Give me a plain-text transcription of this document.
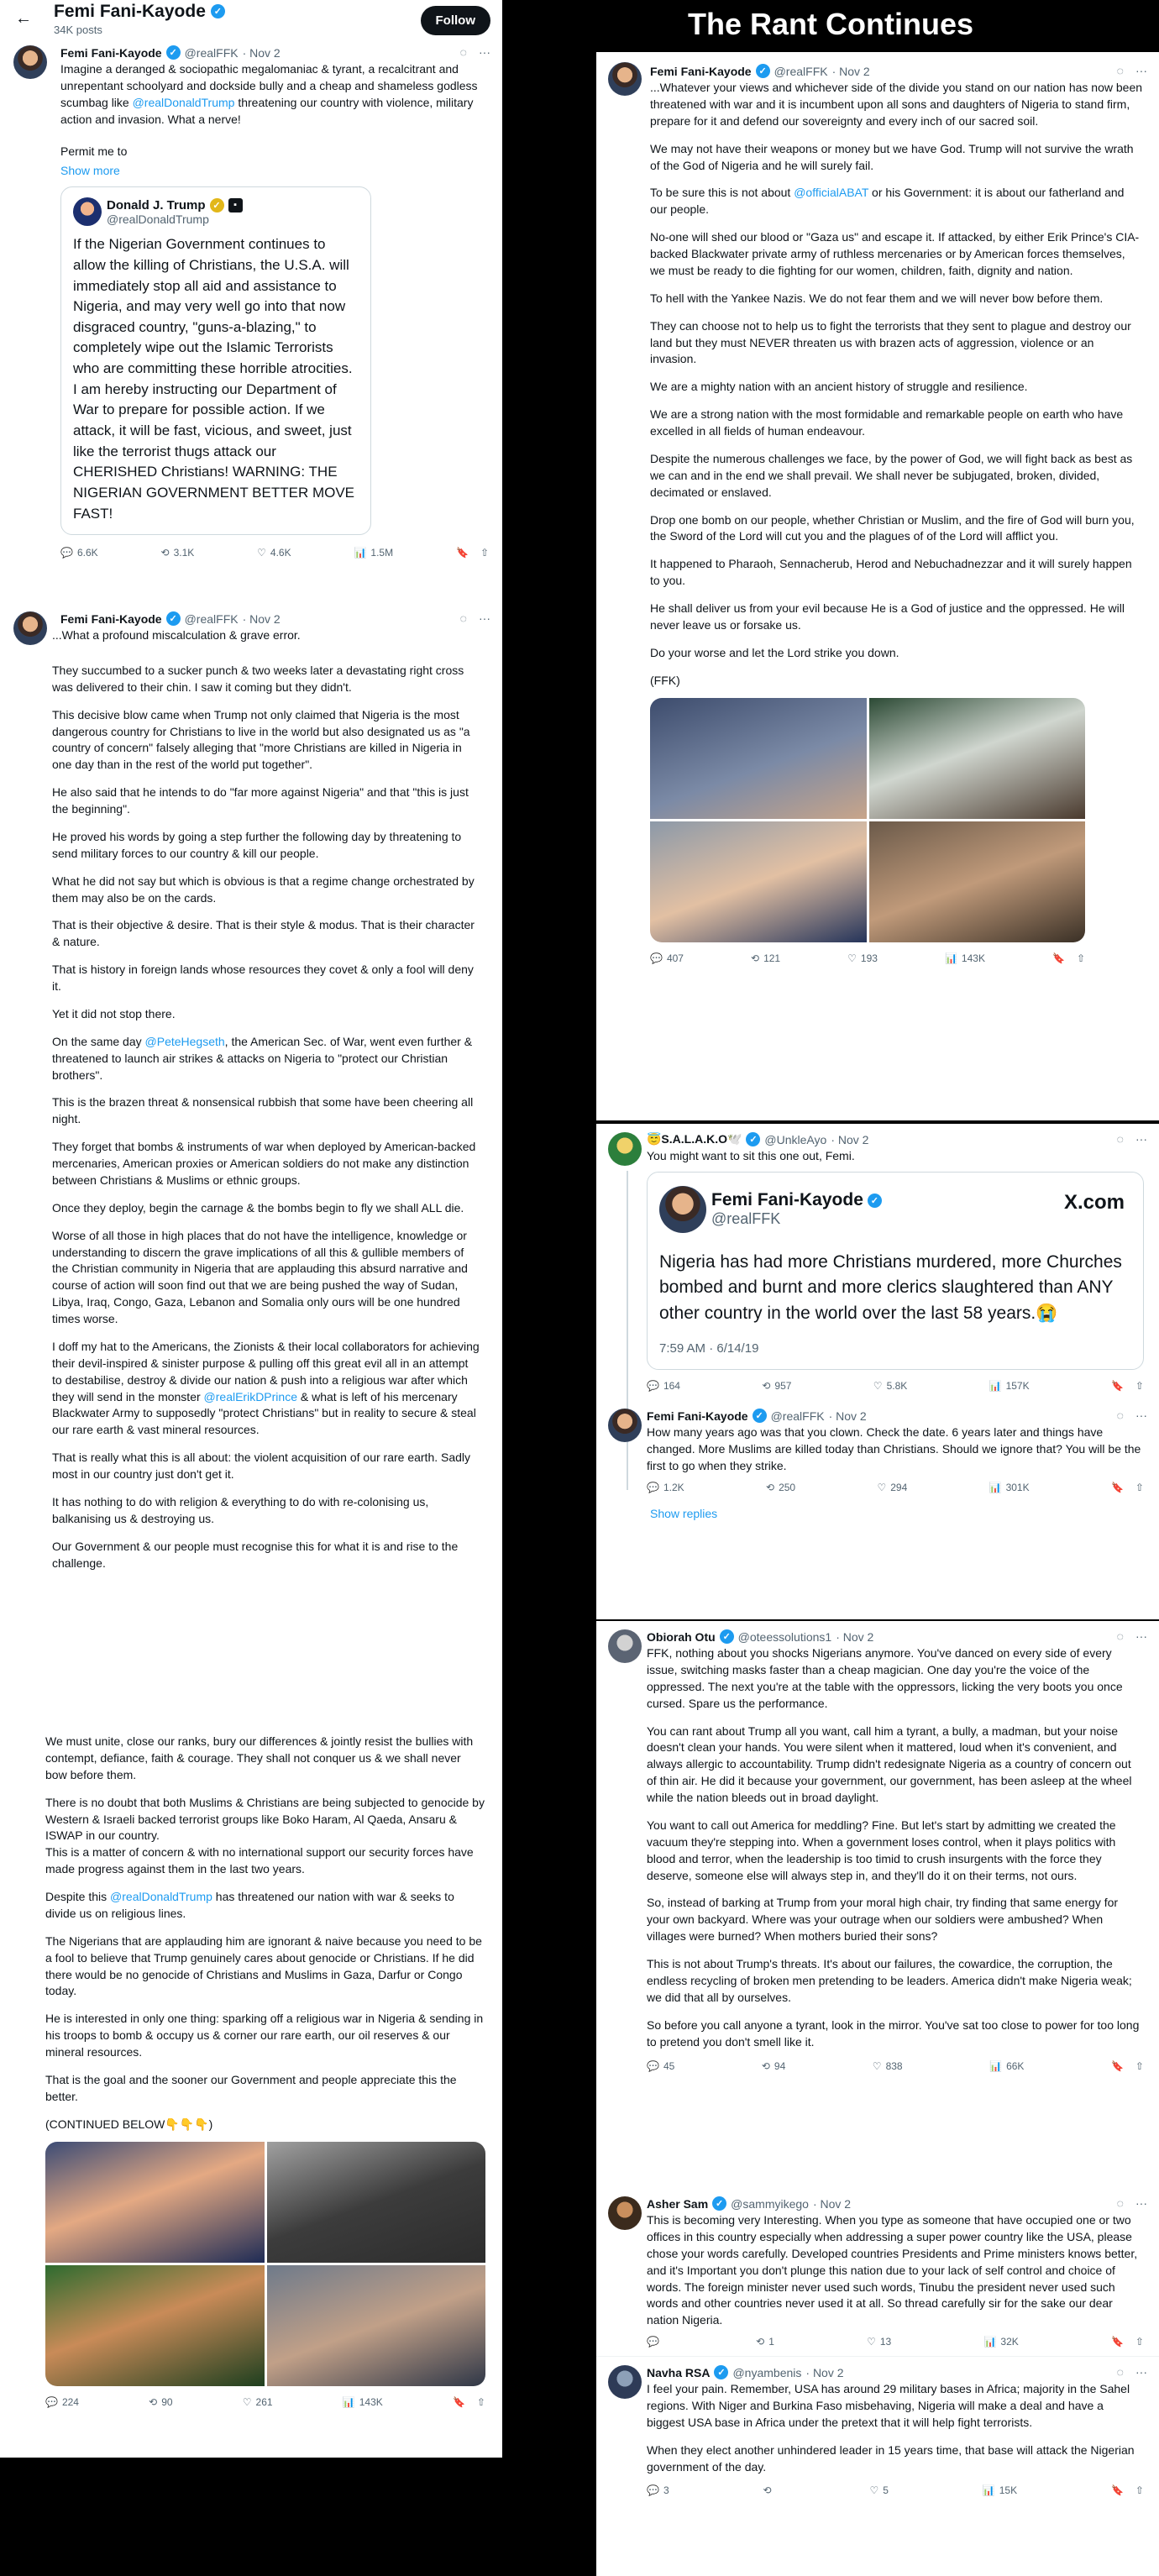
The Rant Continues
← Femi Fani-Kayode ✓
34K posts
Follow
◌ ···
Femi Fani-Kayode ✓ @realFFK · Nov 2

Imagine a deranged & sociopathic megalomaniac & tyrant, a recalcitrant and unrepentant schoolyard and dockside bully and a cheap and shameless godless scumbag like @realDonaldTrump threatening our country with violence, military action and invasion. What a nerve!

Permit me to

Show more
Donald J. Trump ✓	▪
@realDonaldTrump
If the Nigerian Government continues to allow the killing of Christians, the U.S.A. will immediately stop all aid and assistance to Nigeria, and may very well go into that now disgraced country, "guns-a-blazing," to completely wipe out the Islamic Terrorists who are committing these horrible atrocities. I am hereby instructing our Department of War to prepare for possible action. If we attack, it will be fast, vicious, and sweet, just like the terrorist thugs attack our CHERISHED Christians! WARNING: THE NIGERIAN GOVERNMENT BETTER MOVE FAST!
💬 6.6K	⟲ 3.1K	♡ 4.6K	📊 1.5M	🔖 ⇧
◌ ···
Femi Fani-Kayode ✓ @realFFK · Nov 2

...What a profound miscalculation & grave error.

They succumbed to a sucker punch & two weeks later a devastating right cross was delivered to their chin. I saw it coming but they didn't.

This decisive blow came when Trump not only claimed that Nigeria is the most dangerous country for Christians to live in the world but also designated us as "a country of concern" falsely alleging that "more Christians are killed in Nigeria in one day than in the rest of the world put together".

He also said that he intends to do "far more against Nigeria" and that "this is just the beginning".

He proved his words by going a step further the following day by threatening to send military forces to our country & kill our people.

What he did not say but which is obvious is that a regime change orchestrated by them may also be on the cards.

That is their objective & desire. That is their style & modus. That is their character & nature.

That is history in foreign lands whose resources they covet & only a fool will deny it.

Yet it did not stop there.

On the same day @PeteHegseth, the American Sec. of War, went even further & threatened to launch air strikes & attacks on Nigeria to "protect our Christian brothers".

This is the brazen threat & nonsensical rubbish that some have been cheering all night.

They forget that bombs & instruments of war when deployed by American-backed mercenaries, American proxies or American soldiers do not make any distinction between Christians & Muslims or ethnic groups.

Once they deploy, begin the carnage & the bombs begin to fly we shall ALL die.

Worse of all those in high places that do not have the intelligence, knowledge or understanding to discern the grave implications of all this & gullible members of the Christian community in Nigeria that are applauding this absurd narrative and course of action will soon find out that we are being pushed the way of Sudan, Libya, Iraq, Congo, Gaza, Lebanon and Somalia only ours will be one hundred times worse.

I doff my hat to the Americans, the Zionists & their local collaborators for achieving their devil-inspired & sinister purpose & pulling off this great evil all in an attempt to destabilise, destroy & divide our nation & push into a religious war after which they will send in the monster @realErikDPrince & what is left of his mercenary Blackwater Army to supposedly "protect Christians" but in reality to secure & steal our rare earth & vast mineral resources.

That is really what this is all about: the violent acquisition of our rare earth. Sadly most in our country just don't get it.

It has nothing to do with religion & everything to do with re-colonising us, balkanising us & destroying us.

Our Government & our people must recognise this for what it is and rise to the challenge.

We must unite, close our ranks, bury our differences & jointly resist the bullies with contempt, defiance, faith & courage. They shall not conquer us & we shall never bow before them.

There is no doubt that both Muslims & Christians are being subjected to genocide by Western & Israeli backed terrorist groups like Boko Haram, Al Qaeda, Ansaru & ISWAP in our country.

This is a matter of concern & with no international support our security forces have made progress against them in the last two years.

Despite this @realDonaldTrump has threatened our nation with war & seeks to divide us on religious lines.

The Nigerians that are applauding him are ignorant & naive because you need to be a fool to believe that Trump genuinely cares about genocide or Christians. If he did there would be no genocide of Christians and Muslims in Gaza, Darfur or Congo today.

He is interested in only one thing: sparking off a religious war in Nigeria & sending in his troops to bomb & occupy us & corner our rare earth, our oil reserves & our mineral resources.

That is the goal and the sooner our Government and people appreciate this the better.

(CONTINUED BELOW👇👇👇)

💬 224	⟲ 90	♡ 261	📊 143K	🔖 ⇧
◌ ···
Femi Fani-Kayode ✓ @realFFK · Nov 2

...Whatever your views and whichever side of the divide you stand on our nation has now been threatened with war and it is incumbent upon all sons and daughters of Nigeria to stand firm, prepare for it and defend our sovereignty and every inch of our sacred soil.

We may not have their weapons or money but we have God. Trump will not survive the wrath of the God of Nigeria and he will surely fail.

To be sure this is not about @officialABAT or his Government: it is about our fatherland and our people.

No-one will shed our blood or "Gaza us" and escape it. If attacked, by either Erik Prince's CIA-backed Blackwater private army of ruthless mercenaries or by American forces themselves, we must be ready to die fighting for our women, children, faith, dignity and nation.

To hell with the Yankee Nazis. We do not fear them and we will never bow before them.

They can choose not to help us to fight the terrorists that they sent to plague and destroy our land but they must NEVER threaten us with brazen acts of aggression, violence or an invasion.

We are a mighty nation with an ancient history of struggle and resilience.

We are a strong nation with the most formidable and remarkable people on earth who have excelled in all fields of human endeavour.

Despite the numerous challenges we face, by the power of God, we will fight back as best as we can and in the end we shall prevail. We shall never be subjugated, broken, divided, decimated or enslaved.

Drop one bomb on our people, whether Christian or Muslim, and the fire of God will burn you, the Sword of the Lord will cut you and the plagues of of the Lord will afflict you.

It happened to Pharaoh, Sennacherub, Herod and Nebuchadnezzar and it will surely happen to you.

He shall deliver us from your evil because He is a God of justice and the oppressed. He will never leave us or forsake us.

Do your worse and let the Lord strike you down.

(FFK)

💬 407	⟲ 121	♡ 193	📊 143K	🔖 ⇧
◌ ···
😇S.A.L.A.K.O🕊️ ✓ @UnkleAyo · Nov 2
You might want to sit this one out, Femi.
X.com
Femi Fani-Kayode ✓
@realFFK
Nigeria has had more Christians murdered, more Churches bombed and burnt and more clerics slaughtered than ANY other country in the world over the last 58 years.😭
7:59 AM · 6/14/19
💬 164	⟲ 957	♡ 5.8K	📊 157K	🔖 ⇧
◌ ···
Femi Fani-Kayode ✓ @realFFK · Nov 2
How many years ago was that you clown. Check the date. 6 years later and things have changed. More Muslims are killed today than Christians. Should we ignore that? You will be the first to go when they strike.
💬 1.2K	⟲ 250	♡ 294	📊 301K	🔖 ⇧
Show replies
◌ ···
Obiorah Otu ✓ @oteessolutions1 · Nov 2

FFK, nothing about you shocks Nigerians anymore. You've danced on every side of every issue, switching masks faster than a cheap magician. One day you're the voice of the oppressed. The next you're at the table with the oppressors, licking the very boots you once cursed. Spare us the performance.

You can rant about Trump all you want, call him a tyrant, a bully, a madman, but your noise doesn't clean your hands. You were silent when it mattered, loud when it's convenient, and always allergic to accountability. Trump didn't redesignate Nigeria as a country of concern out of thin air. He did it because your government, our government, has been asleep at the wheel while the nation bleeds out in broad daylight.

You want to call out America for meddling? Fine. But let's start by admitting we created the vacuum they're stepping into. When a government loses control, when it plays politics with blood and terror, when the leadership is too timid to crush insurgents with the force they deserve, someone else will always step in, and they'll do it on their terms, not ours.

So, instead of barking at Trump from your moral high chair, try finding that same energy for your own backyard. Where was your outrage when our soldiers were ambushed? When villages were burned? When mothers buried their sons?

This is not about Trump's threats. It's about our failures, the cowardice, the corruption, the endless recycling of broken men pretending to be leaders. America didn't make Nigeria weak; we did that all by ourselves.

So before you call anyone a tyrant, look in the mirror. You've sat too close to power for too long to pretend you don't smell like it.

💬 45	⟲ 94	♡ 838	📊 66K	🔖 ⇧
◌ ···
Asher Sam ✓ @sammyikego · Nov 2
This is becoming very Interesting. When you type as someone that have occupied one or two offices in this country especially when addressing a super power country like the USA, please chose your words carefully. Developed countries Presidents and Prime ministers knows better, and it's Important you don't plunge this nation due to your lack of self control and choice of words. The foreign minister never used such words, Tinubu the president never used such words and other countries never used it at all. So thread carefully sir for the sake our dear nation Nigeria.
💬	⟲ 1	♡ 13	📊 32K	🔖 ⇧
◌ ···
Navha RSA ✓ @nyambenis · Nov 2

I feel your pain. Remember, USA has around 29 military bases in Africa; majority in the Sahel regions. With Niger and Burkina Faso misbehaving, Nigeria will make a deal and have a biggest USA base in Africa under the pretext that it will help fight terrorists.

When they elect another unhindered leader in 15 years time, that base will attack the Nigerian government of the day.

💬 3	⟲	♡ 5	📊 15K	🔖 ⇧
